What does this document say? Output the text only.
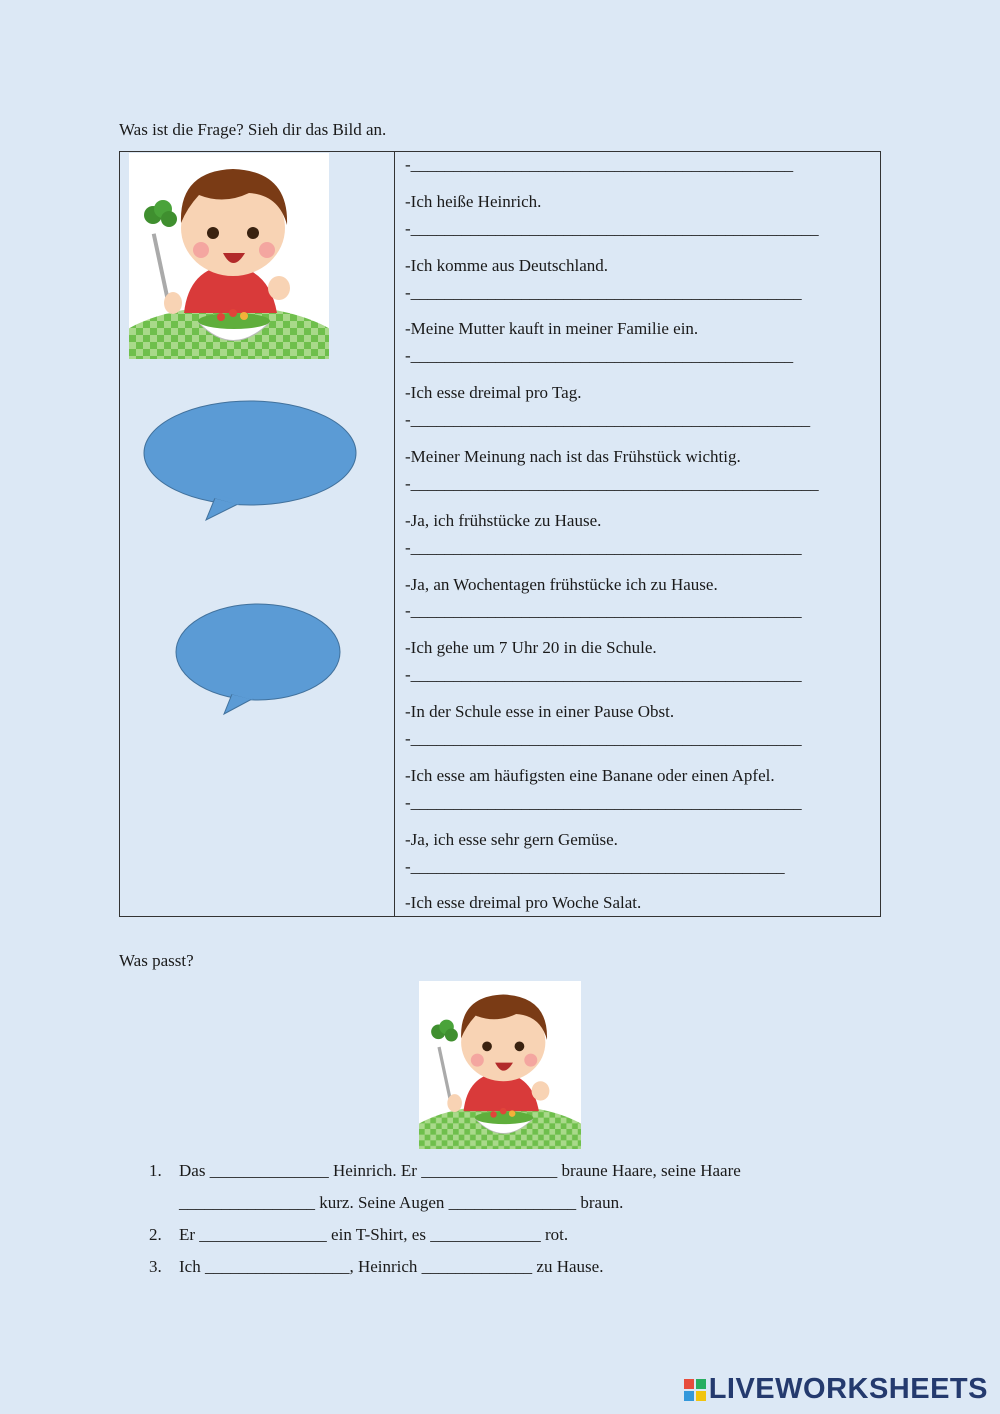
Was ist die Frage? Sieh dir das Bild an.

-_____________________________________________
-Ich heiße Heinrich.
-________________________________________________
-Ich komme aus Deutschland.
-______________________________________________
-Meine Mutter kauft in meiner Familie ein.
-_____________________________________________
-Ich esse dreimal pro Tag.
-_______________________________________________
-Meiner Meinung nach ist das Frühstück wichtig.
-________________________________________________
-Ja, ich frühstücke zu Hause.
-______________________________________________
-Ja, an Wochentagen frühstücke ich zu Hause.
-______________________________________________
-Ich gehe um 7 Uhr 20 in die Schule.
-______________________________________________
-In der Schule esse in einer Pause Obst.
-______________________________________________
-Ich esse am häufigsten eine Banane oder einen Apfel.
-______________________________________________
-Ja, ich esse sehr gern Gemüse.
-____________________________________________
-Ich esse dreimal pro Woche Salat.

Was passt?

1. Das ______________ Heinrich. Er ________________ braune Haare, seine Haare
________________ kurz. Seine Augen _______________ braun.
2. Er _______________ ein T-Shirt, es _____________ rot.
3. Ich _________________, Heinrich _____________ zu Hause.
LIVEWORKSHEETS
